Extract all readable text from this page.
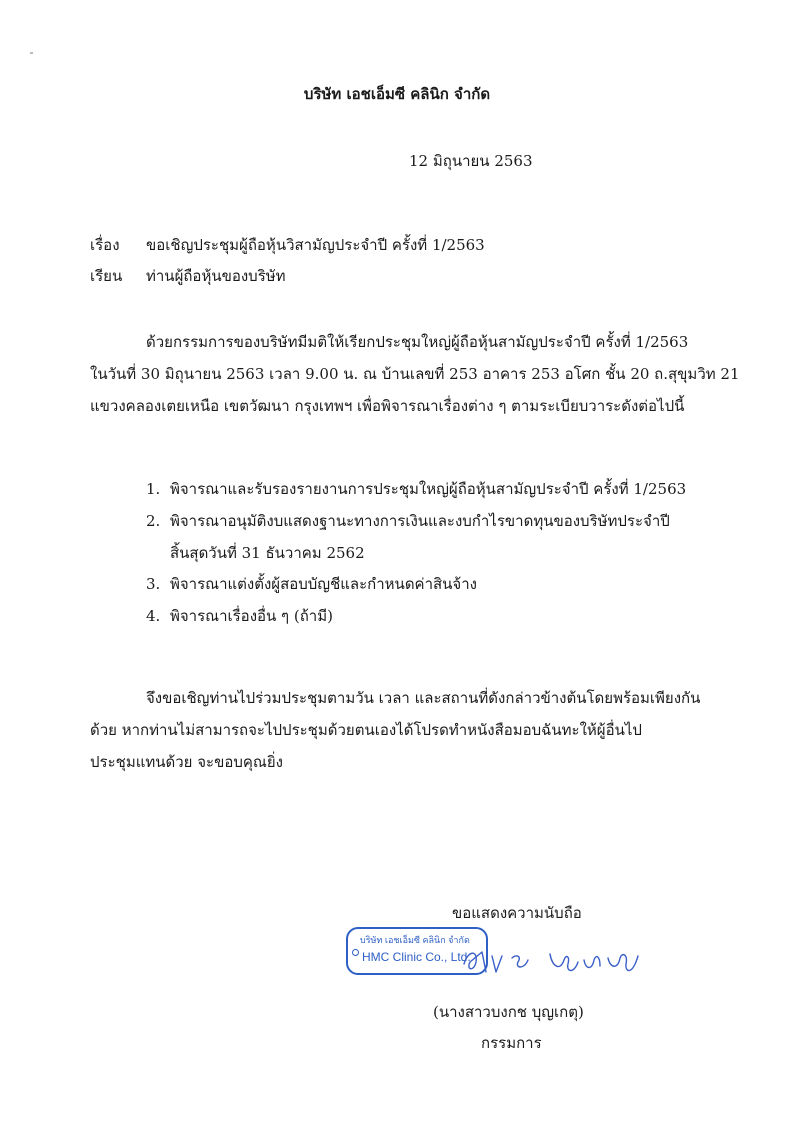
บริษัท เอชเอ็มซี คลินิก จำกัด
12 มิถุนายน 2563
เรื่อง ขอเชิญประชุมผู้ถือหุ้นวิสามัญประจำปี ครั้งที่ 1/2563
เรียน ท่านผู้ถือหุ้นของบริษัท
ด้วยกรรมการของบริษัทมีมติให้เรียกประชุมใหญ่ผู้ถือหุ้นสามัญประจำปี ครั้งที่ 1/2563
ในวันที่ 30 มิถุนายน 2563 เวลา 9.00 น. ณ บ้านเลขที่ 253 อาคาร 253 อโศก ชั้น 20 ถ.สุขุมวิท 21
แขวงคลองเตยเหนือ เขตวัฒนา กรุงเทพฯ เพื่อพิจารณาเรื่องต่าง ๆ ตามระเบียบวาระดังต่อไปนี้
1. พิจารณาและรับรองรายงานการประชุมใหญ่ผู้ถือหุ้นสามัญประจำปี ครั้งที่ 1/2563
2. พิจารณาอนุมัติงบแสดงฐานะทางการเงินและงบกำไรขาดทุนของบริษัทประจำปี
สิ้นสุดวันที่ 31 ธันวาคม 2562
3. พิจารณาแต่งตั้งผู้สอบบัญชีและกำหนดค่าสินจ้าง
4. พิจารณาเรื่องอื่น ๆ (ถ้ามี)
จึงขอเชิญท่านไปร่วมประชุมตามวัน เวลา และสถานที่ดังกล่าวข้างต้นโดยพร้อมเพียงกัน
ด้วย หากท่านไม่สามารถจะไปประชุมด้วยตนเองได้โปรดทำหนังสือมอบฉันทะให้ผู้อื่นไป
ประชุมแทนด้วย จะขอบคุณยิ่ง
ขอแสดงความนับถือ
บริษัท เอชเอ็มซี คลินิก จำกัด
HMC Clinic Co., Ltd.
(นางสาวบงกช บุญเกตุ)
กรรมการ
